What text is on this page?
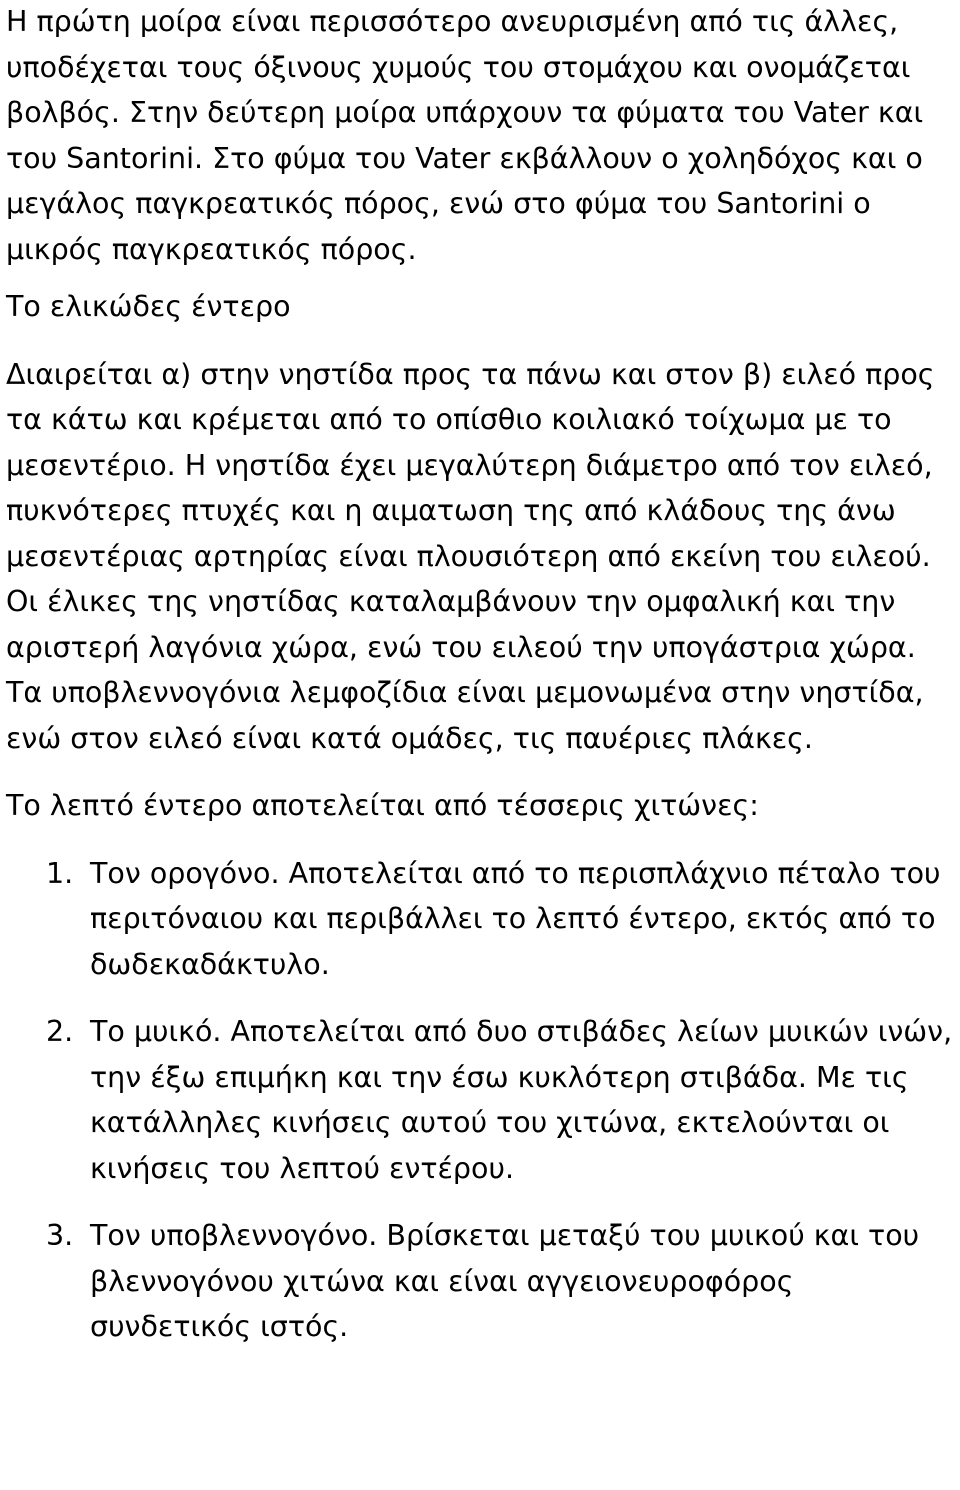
Η πρώτη μοίρα είναι περισσότερο ανευρισμένη από τις άλλες, υποδέχεται τους όξινους χυμούς του στομάχου και ονομάζεται βολβός. Στην δεύτερη μοίρα υπάρχουν τα φύματα του Vater και του Santorini. Στο φύμα του Vater εκβάλλουν ο χοληδόχος και ο μεγάλος παγκρεατικός πόρος, ενώ στο φύμα του Santorini ο μικρός παγκρεατικός πόρος.

Το ελικώδες έντερο

Διαιρείται α) στην νηστίδα προς τα πάνω και στον β) ειλεό προς τα κάτω και κρέμεται από το οπίσθιο κοιλιακό τοίχωμα με το μεσεντέριο. Η νηστίδα έχει μεγαλύτερη διάμετρο από τον ειλεό, πυκνότερες πτυχές και η αιματωση της από κλάδους της άνω μεσεντέριας αρτηρίας είναι πλουσιότερη από εκείνη του ειλεού. Οι έλικες της νηστίδας καταλαμβάνουν την ομφαλική και την αριστερή λαγόνια χώρα, ενώ του ειλεού την υπογάστρια χώρα. Τα υποβλεννογόνια λεμφοζίδια είναι μεμονωμένα στην νηστίδα, ενώ στον ειλεό είναι κατά ομάδες, τις παυέριες πλάκες.

Το λεπτό έντερο αποτελείται από τέσσερις χιτώνες:

1. Τον ορογόνο. Αποτελείται από το περισπλάχνιο πέταλο του περιτόναιου και περιβάλλει το λεπτό έντερο, εκτός από το δωδεκαδάκτυλο.
2. Το μυικό. Αποτελείται από δυο στιβάδες λείων μυικών ινών, την έξω επιμήκη και την έσω κυκλότερη στιβάδα. Με τις κατάλληλες κινήσεις αυτού του χιτώνα, εκτελούνται οι κινήσεις του λεπτού εντέρου.
3. Τον υποβλεννογόνο. Βρίσκεται μεταξύ του μυικού και του βλεννογόνου χιτώνα και είναι αγγειονευροφόρος συνδετικός ιστός.
